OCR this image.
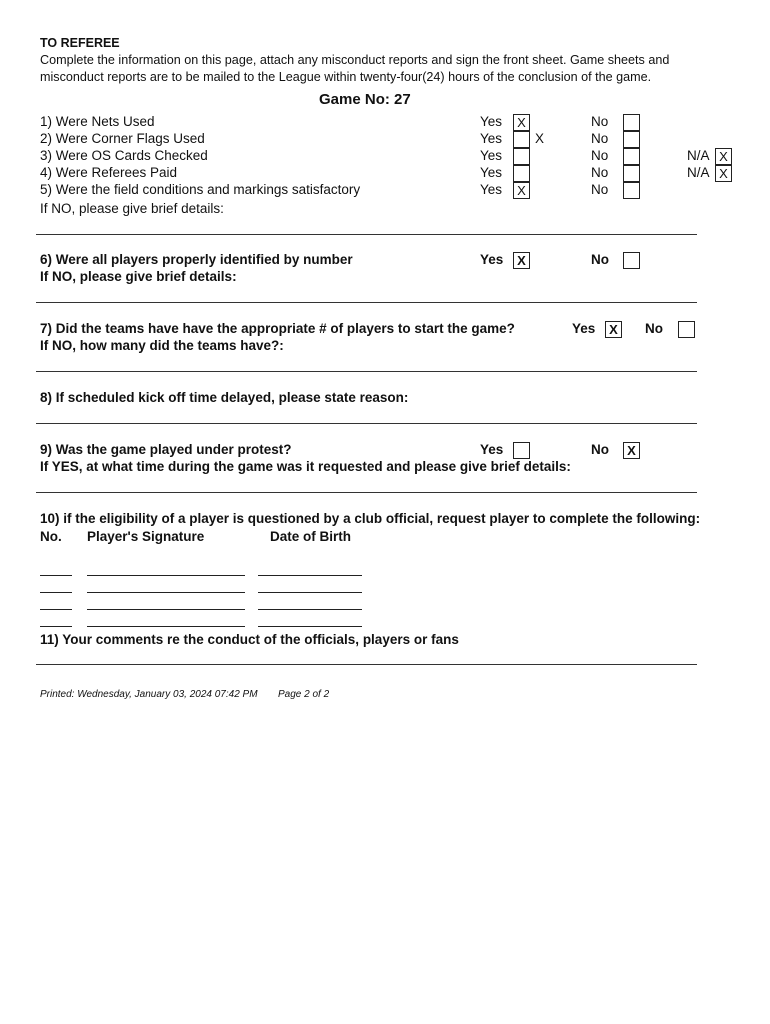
TO REFEREE
Complete the information on this page, attach any misconduct reports and sign the front sheet. Game sheets and
misconduct reports are to be mailed to the League within twenty-four(24) hours of the conclusion of the game.
Game No: 27
1) Were Nets Used	Yes	X	No
2) Were Corner Flags Used	Yes X	No
3) Were OS Cards Checked	Yes	No	N/A X
4) Were Referees Paid	Yes	No	N/A X
5) Were the field conditions and markings satisfactory	Yes	X	No
If NO, please give brief details:
6) Were all players properly identified by number
If NO, please give brief details:
Yes	X	No
7) Did the teams have have the appropriate # of players to start the game?
If NO, how many did the teams have?:
Yes	X	No
8) If scheduled kick off time delayed, please state reason:
9) Was the game played under protest?
If YES, at what time during the game was it requested and please give brief details:
Yes	No	X
10) if the eligibility of a player is questioned by a club official, request player to complete the following:
No. Player's Signature	Date of Birth
11) Your comments re the conduct of the officials, players or fans
Printed: Wednesday, January 03, 2024 07:42 PM Page 2 of 2
